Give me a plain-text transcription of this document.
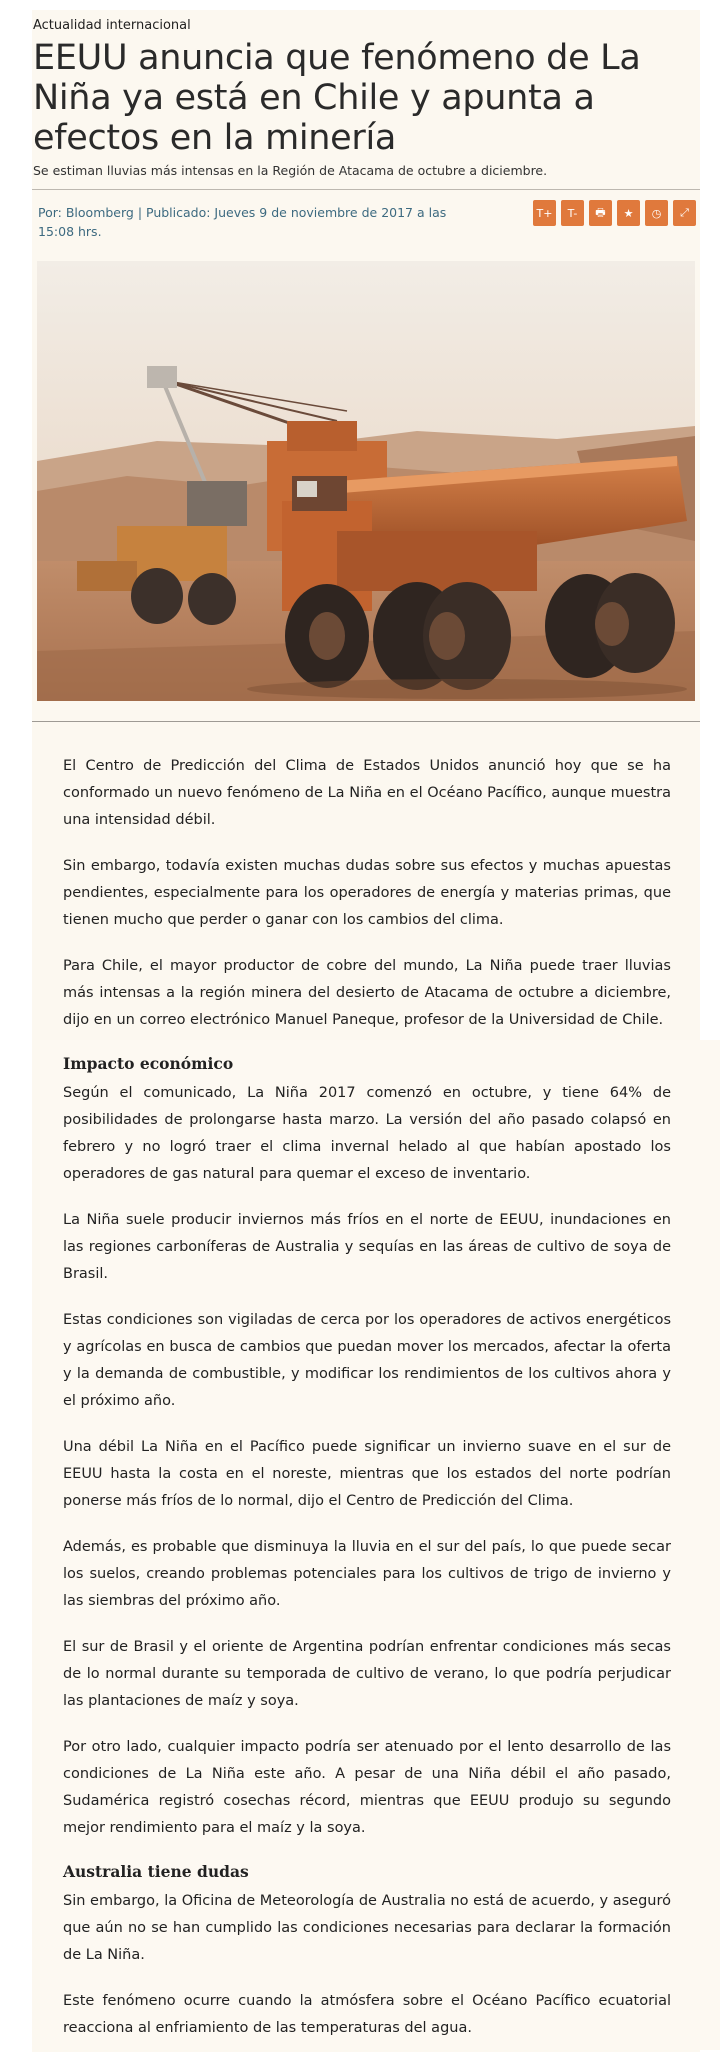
Actualidad internacional
EEUU anuncia que fenómeno de La Niña ya está en Chile y apunta a efectos en la minería
Se estiman lluvias más intensas en la Región de Atacama de octubre a diciembre.
Por: Bloomberg | Publicado: Jueves 9 de noviembre de 2017 a las 15:08 hrs.
T+	T-	🖶	★	◷	⤢

El Centro de Predicción del Clima de Estados Unidos anunció hoy que se ha conformado un nuevo fenómeno de La Niña en el Océano Pacífico, aunque muestra una intensidad débil.

Sin embargo, todavía existen muchas dudas sobre sus efectos y muchas apuestas pendientes, especialmente para los operadores de energía y materias primas, que tienen mucho que perder o ganar con los cambios del clima.

Para Chile, el mayor productor de cobre del mundo, La Niña puede traer lluvias más intensas a la región minera del desierto de Atacama de octubre a diciembre, dijo en un correo electrónico Manuel Paneque, profesor de la Universidad de Chile.

Impacto económico

Según el comunicado, La Niña 2017 comenzó en octubre, y tiene 64% de posibilidades de prolongarse hasta marzo. La versión del año pasado colapsó en febrero y no logró traer el clima invernal helado al que habían apostado los operadores de gas natural para quemar el exceso de inventario.

La Niña suele producir inviernos más fríos en el norte de EEUU, inundaciones en las regiones carboníferas de Australia y sequías en las áreas de cultivo de soya de Brasil.

Estas condiciones son vigiladas de cerca por los operadores de activos energéticos y agrícolas en busca de cambios que puedan mover los mercados, afectar la oferta y la demanda de combustible, y modificar los rendimientos de los cultivos ahora y el próximo año.

Una débil La Niña en el Pacífico puede significar un invierno suave en el sur de EEUU hasta la costa en el noreste, mientras que los estados del norte podrían ponerse más fríos de lo normal, dijo el Centro de Predicción del Clima.

Además, es probable que disminuya la lluvia en el sur del país, lo que puede secar los suelos, creando problemas potenciales para los cultivos de trigo de invierno y las siembras del próximo año.

El sur de Brasil y el oriente de Argentina podrían enfrentar condiciones más secas de lo normal durante su temporada de cultivo de verano, lo que podría perjudicar las plantaciones de maíz y soya.

Por otro lado, cualquier impacto podría ser atenuado por el lento desarrollo de las condiciones de La Niña este año. A pesar de una Niña débil el año pasado, Sudamérica registró cosechas récord, mientras que EEUU produjo su segundo mejor rendimiento para el maíz y la soya.

Australia tiene dudas

Sin embargo, la Oficina de Meteorología de Australia no está de acuerdo, y aseguró que aún no se han cumplido las condiciones necesarias para declarar la formación de La Niña.

Este fenómeno ocurre cuando la atmósfera sobre el Océano Pacífico ecuatorial reacciona al enfriamiento de las temperaturas del agua.
